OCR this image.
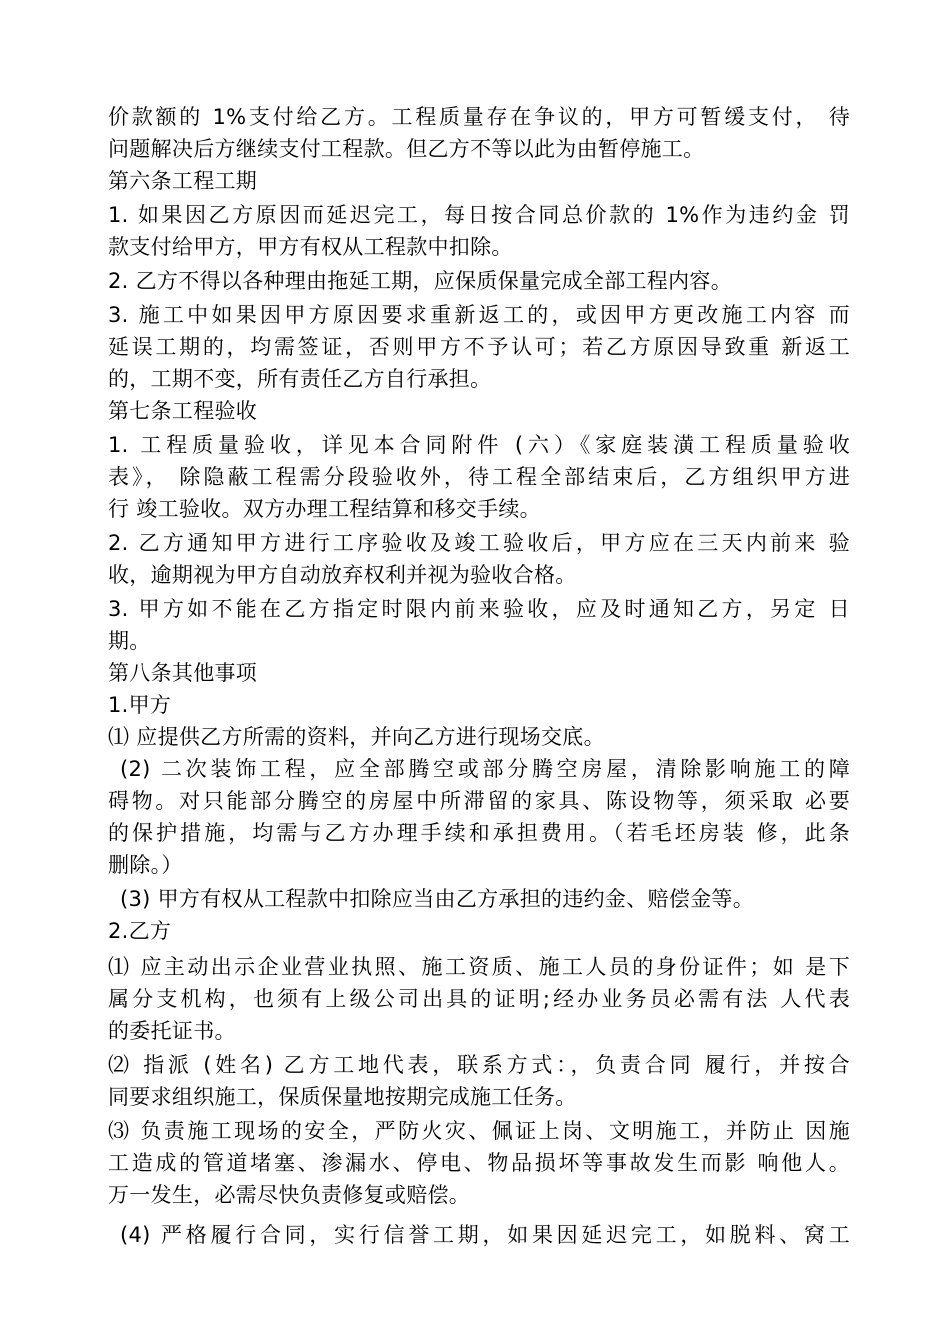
价款额的 1%支付给乙方。工程质量存在争议的，甲方可暂缓支付， 待
问题解决后方继续支付工程款。但乙方不等以此为由暂停施工。
第六条工程工期
1. 如果因乙方原因而延迟完工，每日按合同总价款的 1%作为违约金 罚
款支付给甲方，甲方有权从工程款中扣除。
2. 乙方不得以各种理由拖延工期，应保质保量完成全部工程内容。
3. 施工中如果因甲方原因要求重新返工的，或因甲方更改施工内容 而
延误工期的，均需签证，否则甲方不予认可；若乙方原因导致重 新返工
的，工期不变，所有责任乙方自行承担。
第七条工程验收
1. 工程质量验收，详见本合同附件 (六）《家庭装潢工程质量验收
表》， 除隐蔽工程需分段验收外，待工程全部结束后，乙方组织甲方进
行 竣工验收。双方办理工程结算和移交手续。
2. 乙方通知甲方进行工序验收及竣工验收后，甲方应在三天内前来 验
收，逾期视为甲方自动放弃权利并视为验收合格。
3. 甲方如不能在乙方指定时限内前来验收，应及时通知乙方，另定 日
期。
第八条其他事项
1.甲方
⑴ 应提供乙方所需的资料，并向乙方进行现场交底。
(2) 二次装饰工程，应全部腾空或部分腾空房屋，清除影响施工的障
碍物。对只能部分腾空的房屋中所滞留的家具、陈设物等，须采取 必要
的保护措施，均需与乙方办理手续和承担费用。（若毛坯房装 修，此条
删除。）
(3) 甲方有权从工程款中扣除应当由乙方承担的违约金、赔偿金等。
2.乙方
⑴ 应主动出示企业营业执照、施工资质、施工人员的身份证件；如 是下
属分支机构，也须有上级公司出具的证明;经办业务员必需有法 人代表
的委托证书。
⑵ 指派 (姓名) 乙方工地代表，联系方式：，负责合同 履行，并按合
同要求组织施工，保质保量地按期完成施工任务。
⑶ 负责施工现场的安全，严防火灾、佩证上岗、文明施工，并防止 因施
工造成的管道堵塞、渗漏水、停电、物品损坏等事故发生而影 响他人。
万一发生，必需尽快负责修复或赔偿。
(4) 严格履行合同，实行信誉工期，如果因延迟完工，如脱料、窝工
